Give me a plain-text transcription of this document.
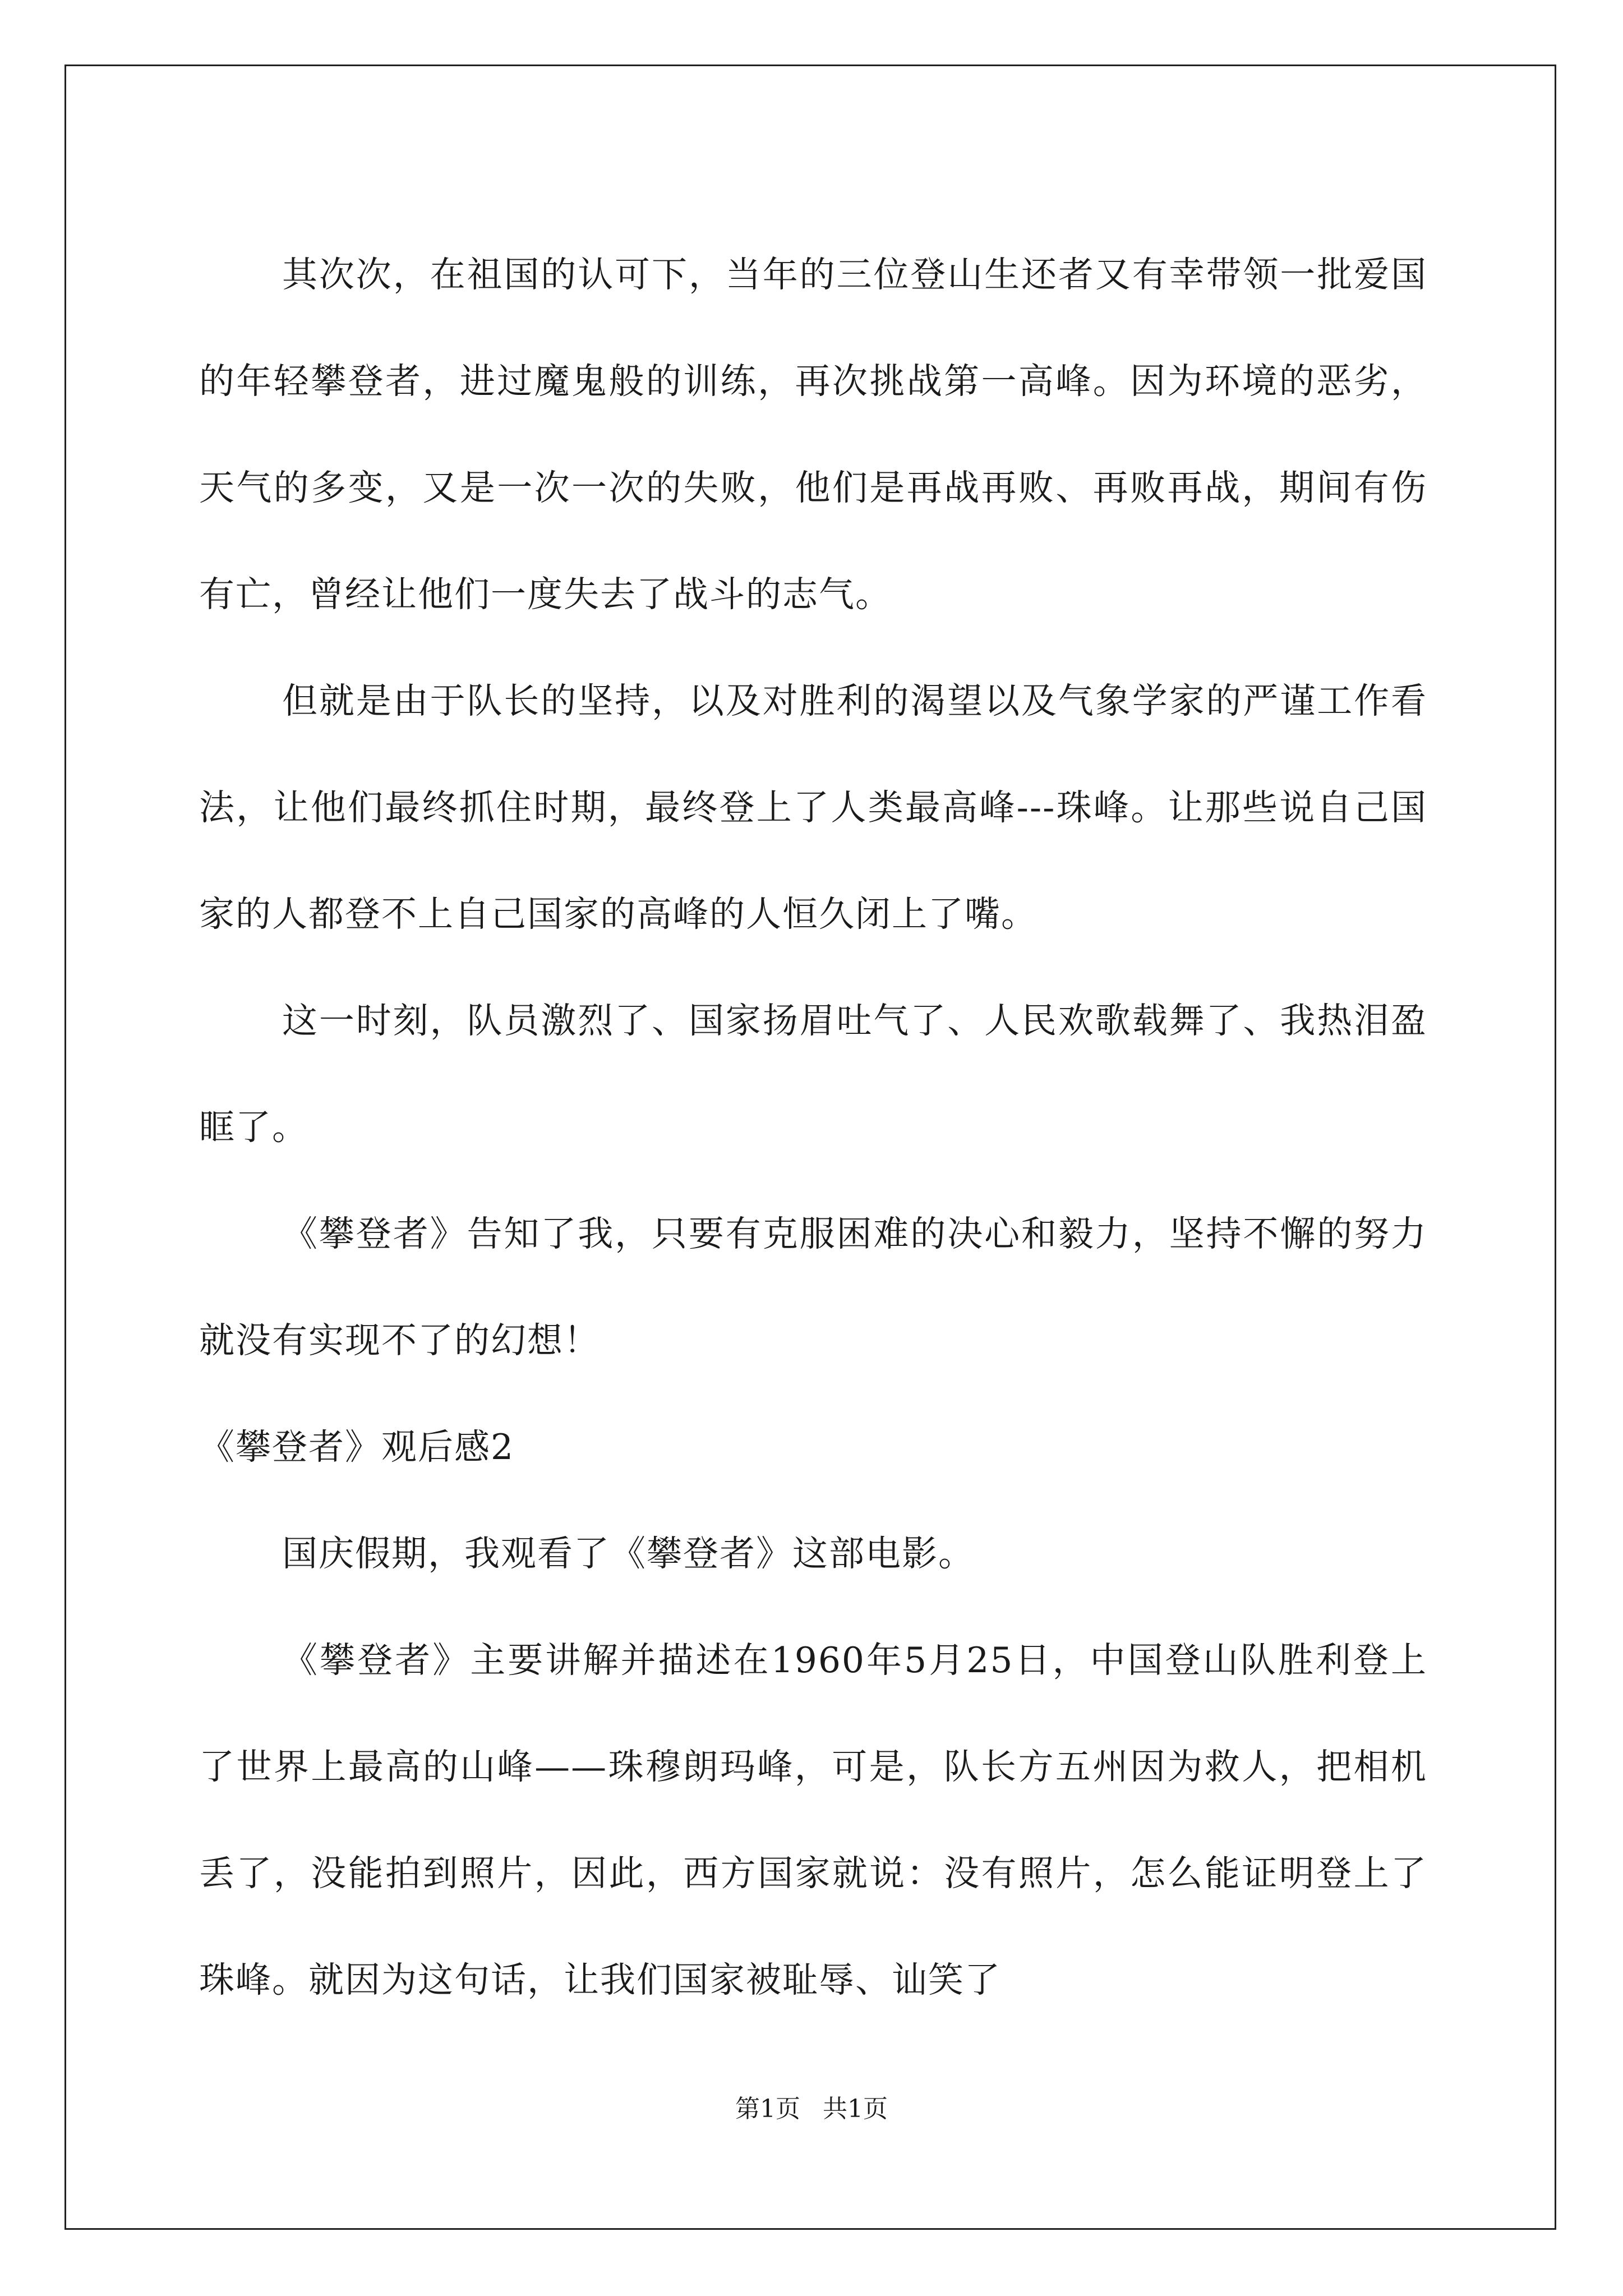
其次次，在祖国的认可下，当年的三位登山生还者又有幸带领一批爱国的年轻攀登者，进过魔鬼般的训练，再次挑战第一高峰。因为环境的恶劣，天气的多变，又是一次一次的失败，他们是再战再败、再败再战，期间有伤有亡，曾经让他们一度失去了战斗的志气。

但就是由于队长的坚持，以及对胜利的渴望以及气象学家的严谨工作看法，让他们最终抓住时期，最终登上了人类最高峰---珠峰。让那些说自己国家的人都登不上自己国家的高峰的人恒久闭上了嘴。

这一时刻，队员激烈了、国家扬眉吐气了、人民欢歌载舞了、我热泪盈眶了。

《攀登者》告知了我，只要有克服困难的决心和毅力，坚持不懈的努力就没有实现不了的幻想！

《攀登者》观后感2

国庆假期，我观看了《攀登者》这部电影。

《攀登者》主要讲解并描述在1960年5月25日，中国登山队胜利登上了世界上最高的山峰——珠穆朗玛峰，可是，队长方五州因为救人，把相机丢了，没能拍到照片，因此，西方国家就说：没有照片，怎么能证明登上了珠峰。就因为这句话，让我们国家被耻辱、讪笑了

第1页 共1页
